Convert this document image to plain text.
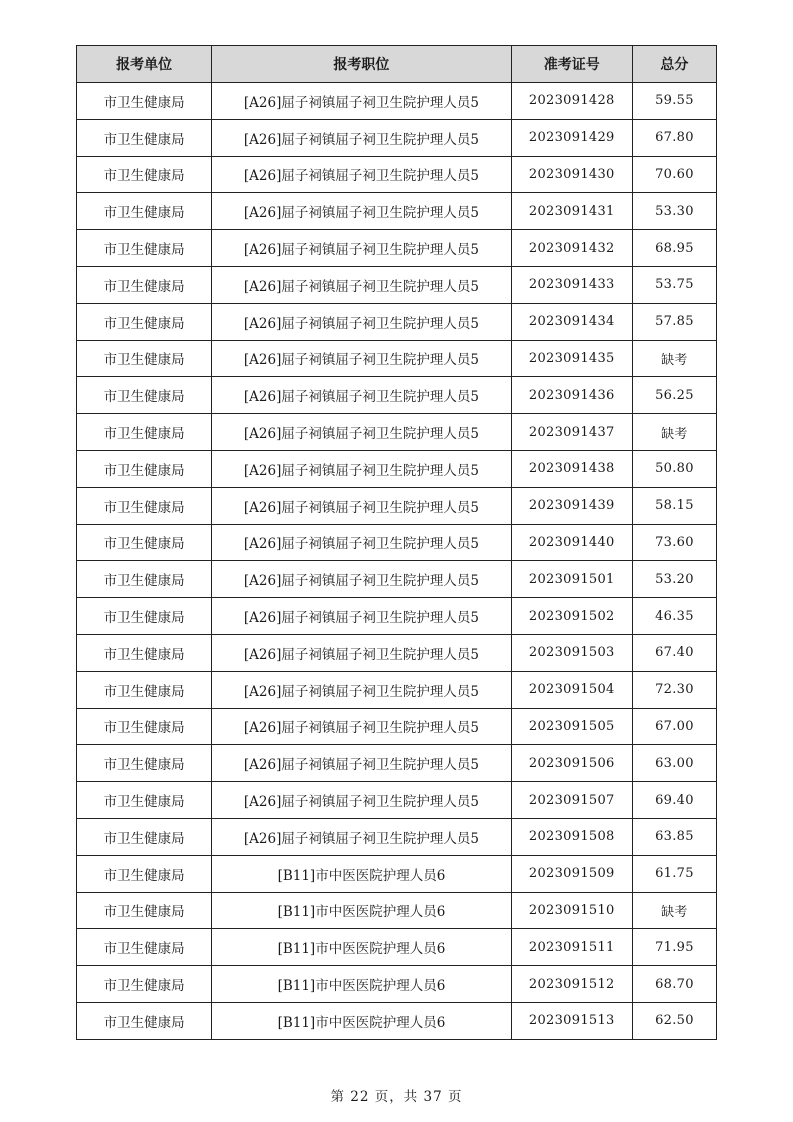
报考单位	报考职位	准考证号	总分
市卫生健康局	[A26]屈子祠镇屈子祠卫生院护理人员5	2023091428	59.55
市卫生健康局	[A26]屈子祠镇屈子祠卫生院护理人员5	2023091429	67.80
市卫生健康局	[A26]屈子祠镇屈子祠卫生院护理人员5	2023091430	70.60
市卫生健康局	[A26]屈子祠镇屈子祠卫生院护理人员5	2023091431	53.30
市卫生健康局	[A26]屈子祠镇屈子祠卫生院护理人员5	2023091432	68.95
市卫生健康局	[A26]屈子祠镇屈子祠卫生院护理人员5	2023091433	53.75
市卫生健康局	[A26]屈子祠镇屈子祠卫生院护理人员5	2023091434	57.85
市卫生健康局	[A26]屈子祠镇屈子祠卫生院护理人员5	2023091435	缺考
市卫生健康局	[A26]屈子祠镇屈子祠卫生院护理人员5	2023091436	56.25
市卫生健康局	[A26]屈子祠镇屈子祠卫生院护理人员5	2023091437	缺考
市卫生健康局	[A26]屈子祠镇屈子祠卫生院护理人员5	2023091438	50.80
市卫生健康局	[A26]屈子祠镇屈子祠卫生院护理人员5	2023091439	58.15
市卫生健康局	[A26]屈子祠镇屈子祠卫生院护理人员5	2023091440	73.60
市卫生健康局	[A26]屈子祠镇屈子祠卫生院护理人员5	2023091501	53.20
市卫生健康局	[A26]屈子祠镇屈子祠卫生院护理人员5	2023091502	46.35
市卫生健康局	[A26]屈子祠镇屈子祠卫生院护理人员5	2023091503	67.40
市卫生健康局	[A26]屈子祠镇屈子祠卫生院护理人员5	2023091504	72.30
市卫生健康局	[A26]屈子祠镇屈子祠卫生院护理人员5	2023091505	67.00
市卫生健康局	[A26]屈子祠镇屈子祠卫生院护理人员5	2023091506	63.00
市卫生健康局	[A26]屈子祠镇屈子祠卫生院护理人员5	2023091507	69.40
市卫生健康局	[A26]屈子祠镇屈子祠卫生院护理人员5	2023091508	63.85
市卫生健康局	[B11]市中医医院护理人员6	2023091509	61.75
市卫生健康局	[B11]市中医医院护理人员6	2023091510	缺考
市卫生健康局	[B11]市中医医院护理人员6	2023091511	71.95
市卫生健康局	[B11]市中医医院护理人员6	2023091512	68.70
市卫生健康局	[B11]市中医医院护理人员6	2023091513	62.50
第 22 页，共 37 页
